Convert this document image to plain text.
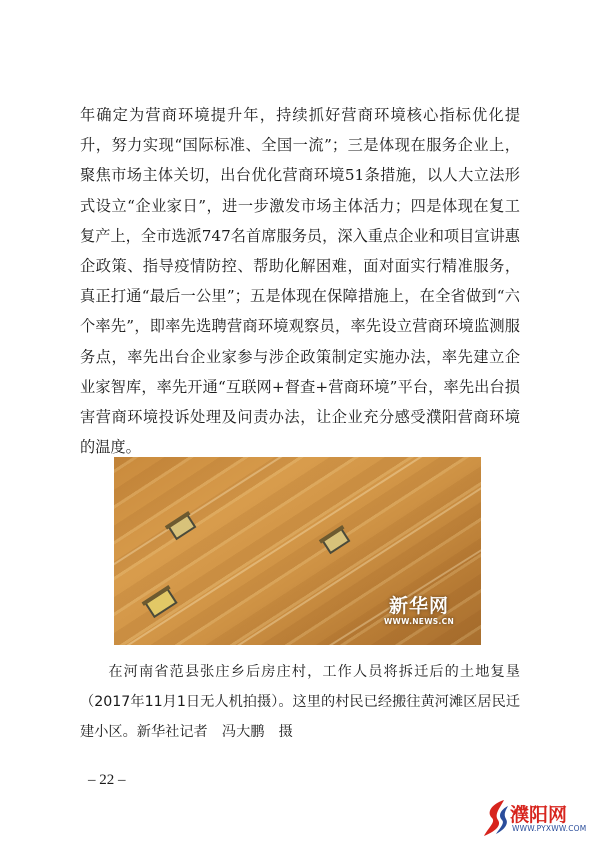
年确定为营商环境提升年，持续抓好营商环境核心指标优化提升，努力实现“国际标准、全国一流”；三是体现在服务企业上，聚焦市场主体关切，出台优化营商环境51条措施，以人大立法形式设立“企业家日”，进一步激发市场主体活力；四是体现在复工复产上，全市选派747名首席服务员，深入重点企业和项目宣讲惠企政策、指导疫情防控、帮助化解困难，面对面实行精准服务，真正打通“最后一公里”；五是体现在保障措施上，在全省做到“六个率先”，即率先选聘营商环境观察员，率先设立营商环境监测服务点，率先出台企业家参与涉企政策制定实施办法，率先建立企业家智库，率先开通“互联网+督查+营商环境”平台，率先出台损害营商环境投诉处理及问责办法，让企业充分感受濮阳营商环境的温度。

新华网
WWW.NEWS.CN

在河南省范县张庄乡后房庄村，工作人员将拆迁后的土地复垦（2017年11月1日无人机拍摄）。这里的村民已经搬往黄河滩区居民迁建小区。新华社记者　冯大鹏　摄

– 22 –
濮阳网
WWW.PYXWW.COM
